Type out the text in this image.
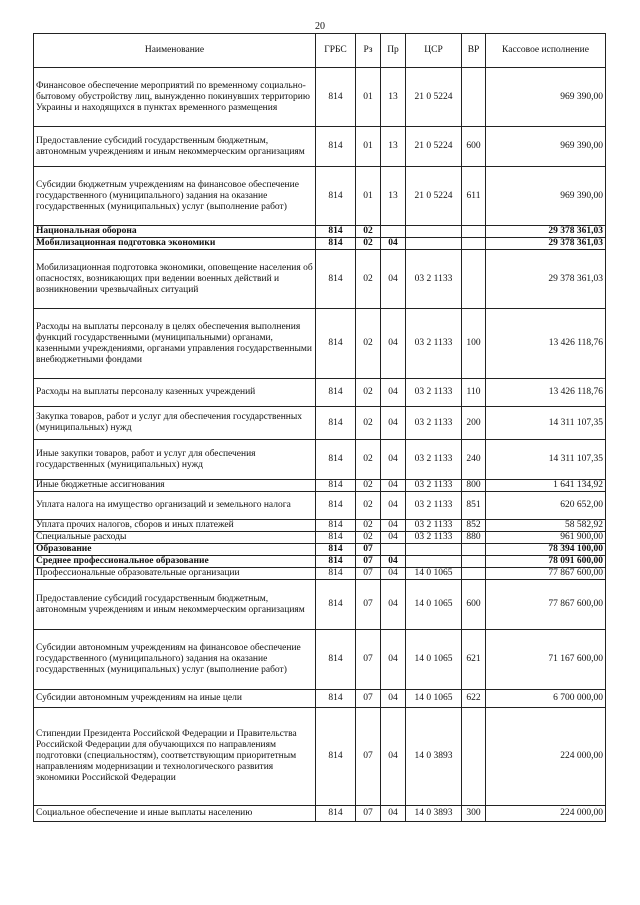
20
Наименование	ГРБС	Рз	Пр	ЦСР	ВР	Кассовое исполнение
Финансовое обеспечение мероприятий по временному социально-бытовому обустройству лиц, вынужденно покинувших территорию Украины и находящихся в пунктах временного размещения	814	01	13	21 0 5224		969 390,00
Предоставление субсидий государственным бюджетным, автономным учреждениям и иным некоммерческим организациям	814	01	13	21 0 5224	600	969 390,00
Субсидии бюджетным учреждениям на финансовое обеспечение государственного (муниципального) задания на оказание государственных (муниципальных) услуг (выполнение работ)	814	01	13	21 0 5224	611	969 390,00
Национальная оборона	814	02				29 378 361,03
Мобилизационная подготовка экономики	814	02	04			29 378 361,03
Мобилизационная подготовка экономики, оповещение населения об опасностях, возникающих при ведении военных действий и возникновении чрезвычайных ситуаций	814	02	04	03 2 1133		29 378 361,03
Расходы на выплаты персоналу в целях обеспечения выполнения функций государственными (муниципальными) органами, казенными учреждениями, органами управления государственными внебюджетными фондами	814	02	04	03 2 1133	100	13 426 118,76
Расходы на выплаты персоналу казенных учреждений	814	02	04	03 2 1133	110	13 426 118,76
Закупка товаров, работ и услуг для обеспечения государственных (муниципальных) нужд	814	02	04	03 2 1133	200	14 311 107,35
Иные закупки товаров, работ и услуг для обеспечения государственных (муниципальных) нужд	814	02	04	03 2 1133	240	14 311 107,35
Иные бюджетные ассигнования	814	02	04	03 2 1133	800	1 641 134,92
Уплата налога на имущество организаций и земельного налога	814	02	04	03 2 1133	851	620 652,00
Уплата прочих налогов, сборов и иных платежей	814	02	04	03 2 1133	852	58 582,92
Специальные расходы	814	02	04	03 2 1133	880	961 900,00
Образование	814	07				78 394 100,00
Среднее профессиональное образование	814	07	04			78 091 600,00
Профессиональные образовательные организации	814	07	04	14 0 1065		77 867 600,00
Предоставление субсидий государственным бюджетным, автономным учреждениям и иным некоммерческим организациям	814	07	04	14 0 1065	600	77 867 600,00
Субсидии автономным учреждениям на финансовое обеспечение государственного (муниципального) задания на оказание государственных (муниципальных) услуг (выполнение работ)	814	07	04	14 0 1065	621	71 167 600,00
Субсидии автономным учреждениям на иные цели	814	07	04	14 0 1065	622	6 700 000,00
Стипендии Президента Российской Федерации и Правительства Российской Федерации для обучающихся по направлениям подготовки (специальностям), соответствующим приоритетным направлениям модернизации и технологического развития экономики Российской Федерации	814	07	04	14 0 3893		224 000,00
Социальное обеспечение и иные выплаты населению	814	07	04	14 0 3893	300	224 000,00
